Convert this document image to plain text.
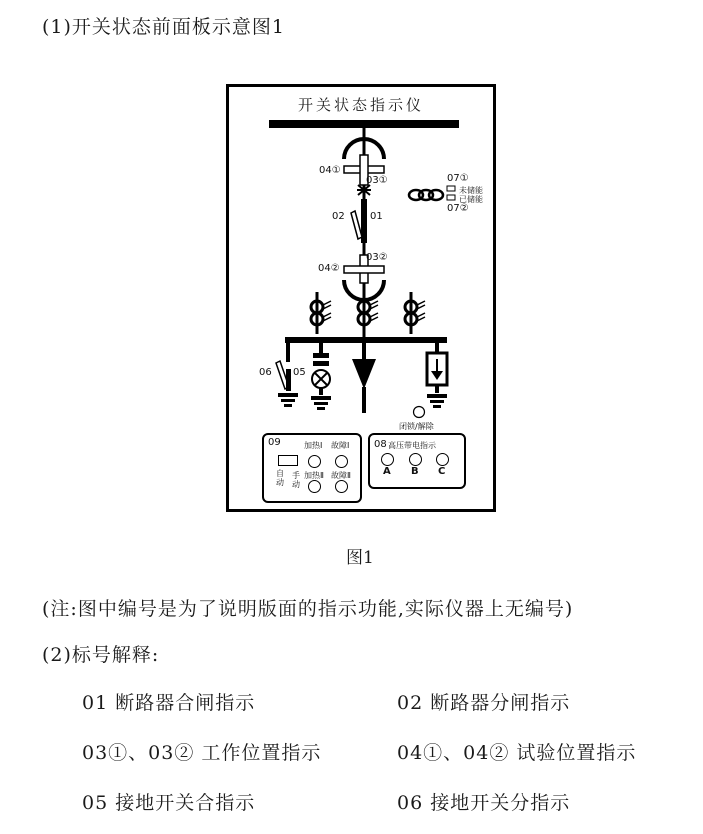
(1)开关状态前面板示意图1
开关状态指示仪
04①
03①
02	01
04②
03②
07①
未储能
已储能
07②
06 05
闭锁/解除
09	加热Ⅰ 故障Ⅰ
自
动
手
动
加热Ⅱ 故障Ⅱ
08 高压带电指示
A B C
图1
(注:图中编号是为了说明版面的指示功能,实际仪器上无编号)
(2)标号解释:
01 断路器合闸指示	02 断路器分闸指示
03①、03② 工作位置指示	04①、04② 试验位置指示
05 接地开关合指示	06 接地开关分指示
